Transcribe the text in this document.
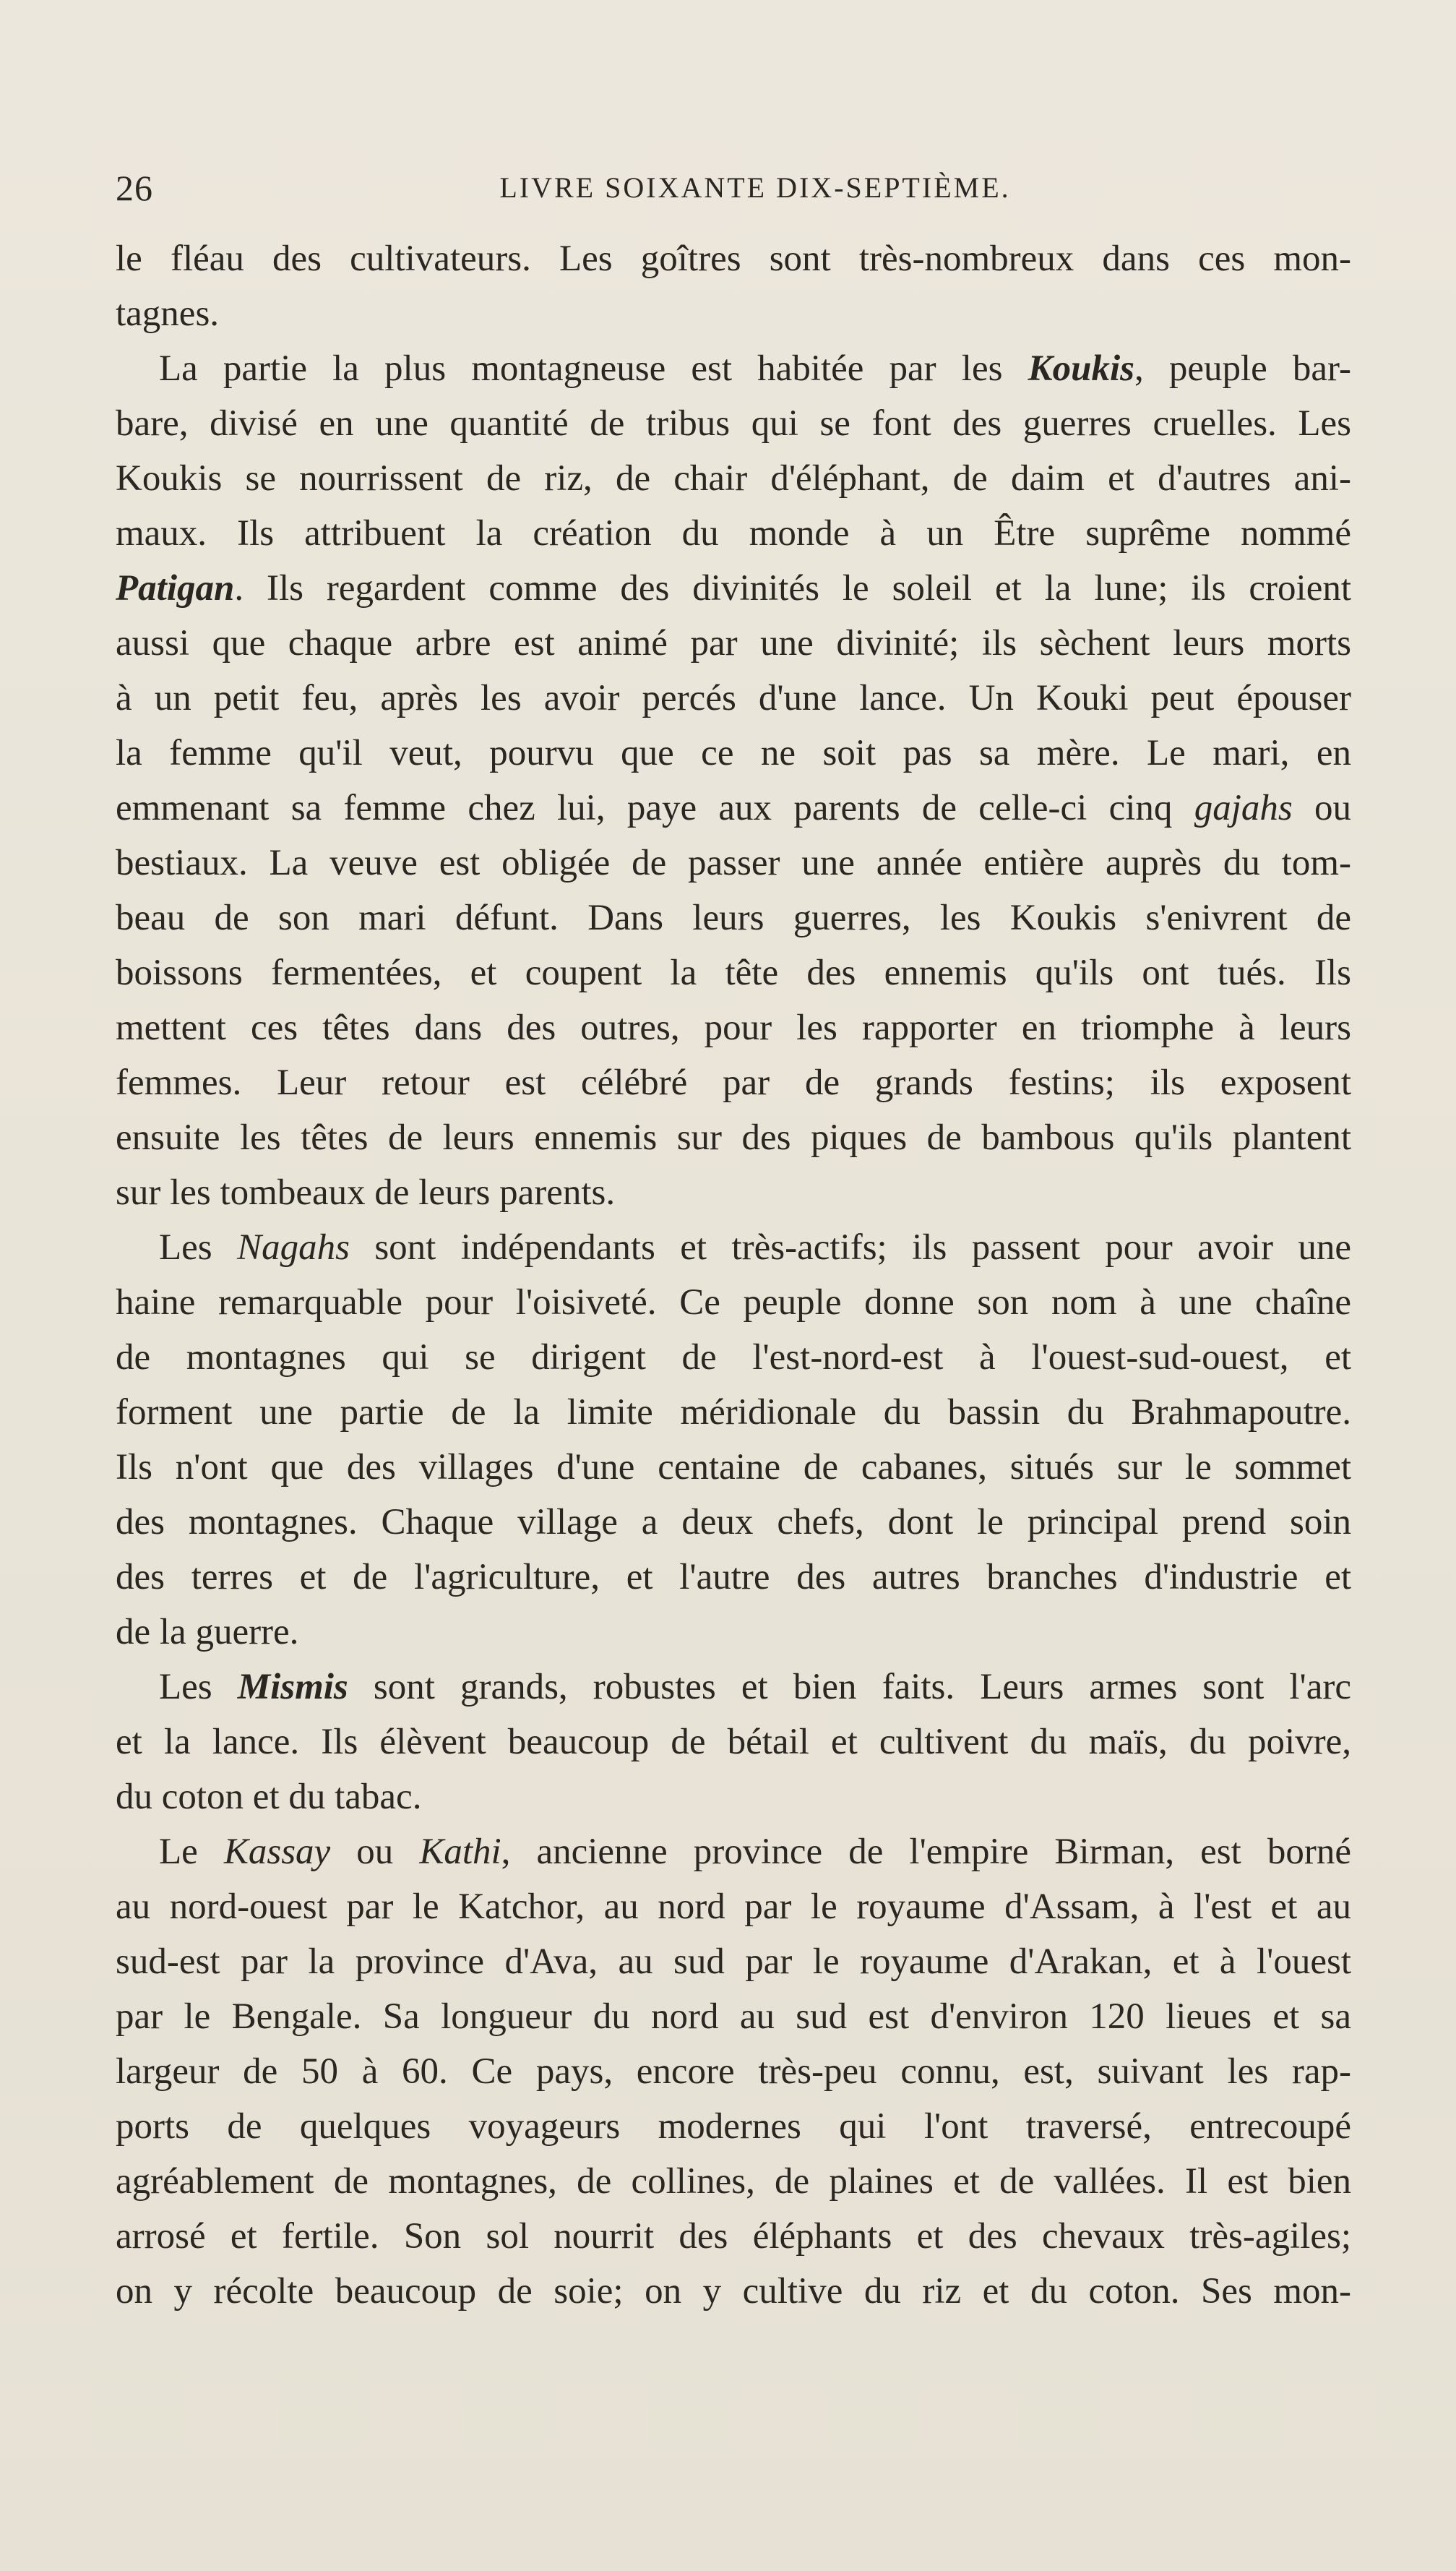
26	LIVRE SOIXANTE DIX-SEPTIÈME.
le fléau des cultivateurs. Les goîtres sont très-nombreux dans ces mon-
tagnes.
La partie la plus montagneuse est habitée par les Koukis, peuple bar-
bare, divisé en une quantité de tribus qui se font des guerres cruelles. Les
Koukis se nourrissent de riz, de chair d'éléphant, de daim et d'autres ani-
maux. Ils attribuent la création du monde à un Être suprême nommé
Patigan. Ils regardent comme des divinités le soleil et la lune; ils croient
aussi que chaque arbre est animé par une divinité; ils sèchent leurs morts
à un petit feu, après les avoir percés d'une lance. Un Kouki peut épouser
la femme qu'il veut, pourvu que ce ne soit pas sa mère. Le mari, en
emmenant sa femme chez lui, paye aux parents de celle-ci cinq gajahs ou
bestiaux. La veuve est obligée de passer une année entière auprès du tom-
beau de son mari défunt. Dans leurs guerres, les Koukis s'enivrent de
boissons fermentées, et coupent la tête des ennemis qu'ils ont tués. Ils
mettent ces têtes dans des outres, pour les rapporter en triomphe à leurs
femmes. Leur retour est célébré par de grands festins; ils exposent
ensuite les têtes de leurs ennemis sur des piques de bambous qu'ils plantent
sur les tombeaux de leurs parents.
Les Nagahs sont indépendants et très-actifs; ils passent pour avoir une
haine remarquable pour l'oisiveté. Ce peuple donne son nom à une chaîne
de montagnes qui se dirigent de l'est-nord-est à l'ouest-sud-ouest, et
forment une partie de la limite méridionale du bassin du Brahmapoutre.
Ils n'ont que des villages d'une centaine de cabanes, situés sur le sommet
des montagnes. Chaque village a deux chefs, dont le principal prend soin
des terres et de l'agriculture, et l'autre des autres branches d'industrie et
de la guerre.
Les Mismis sont grands, robustes et bien faits. Leurs armes sont l'arc
et la lance. Ils élèvent beaucoup de bétail et cultivent du maïs, du poivre,
du coton et du tabac.
Le Kassay ou Kathi, ancienne province de l'empire Birman, est borné
au nord-ouest par le Katchor, au nord par le royaume d'Assam, à l'est et au
sud-est par la province d'Ava, au sud par le royaume d'Arakan, et à l'ouest
par le Bengale. Sa longueur du nord au sud est d'environ 120 lieues et sa
largeur de 50 à 60. Ce pays, encore très-peu connu, est, suivant les rap-
ports de quelques voyageurs modernes qui l'ont traversé, entrecoupé
agréablement de montagnes, de collines, de plaines et de vallées. Il est bien
arrosé et fertile. Son sol nourrit des éléphants et des chevaux très-agiles;
on y récolte beaucoup de soie; on y cultive du riz et du coton. Ses mon-
